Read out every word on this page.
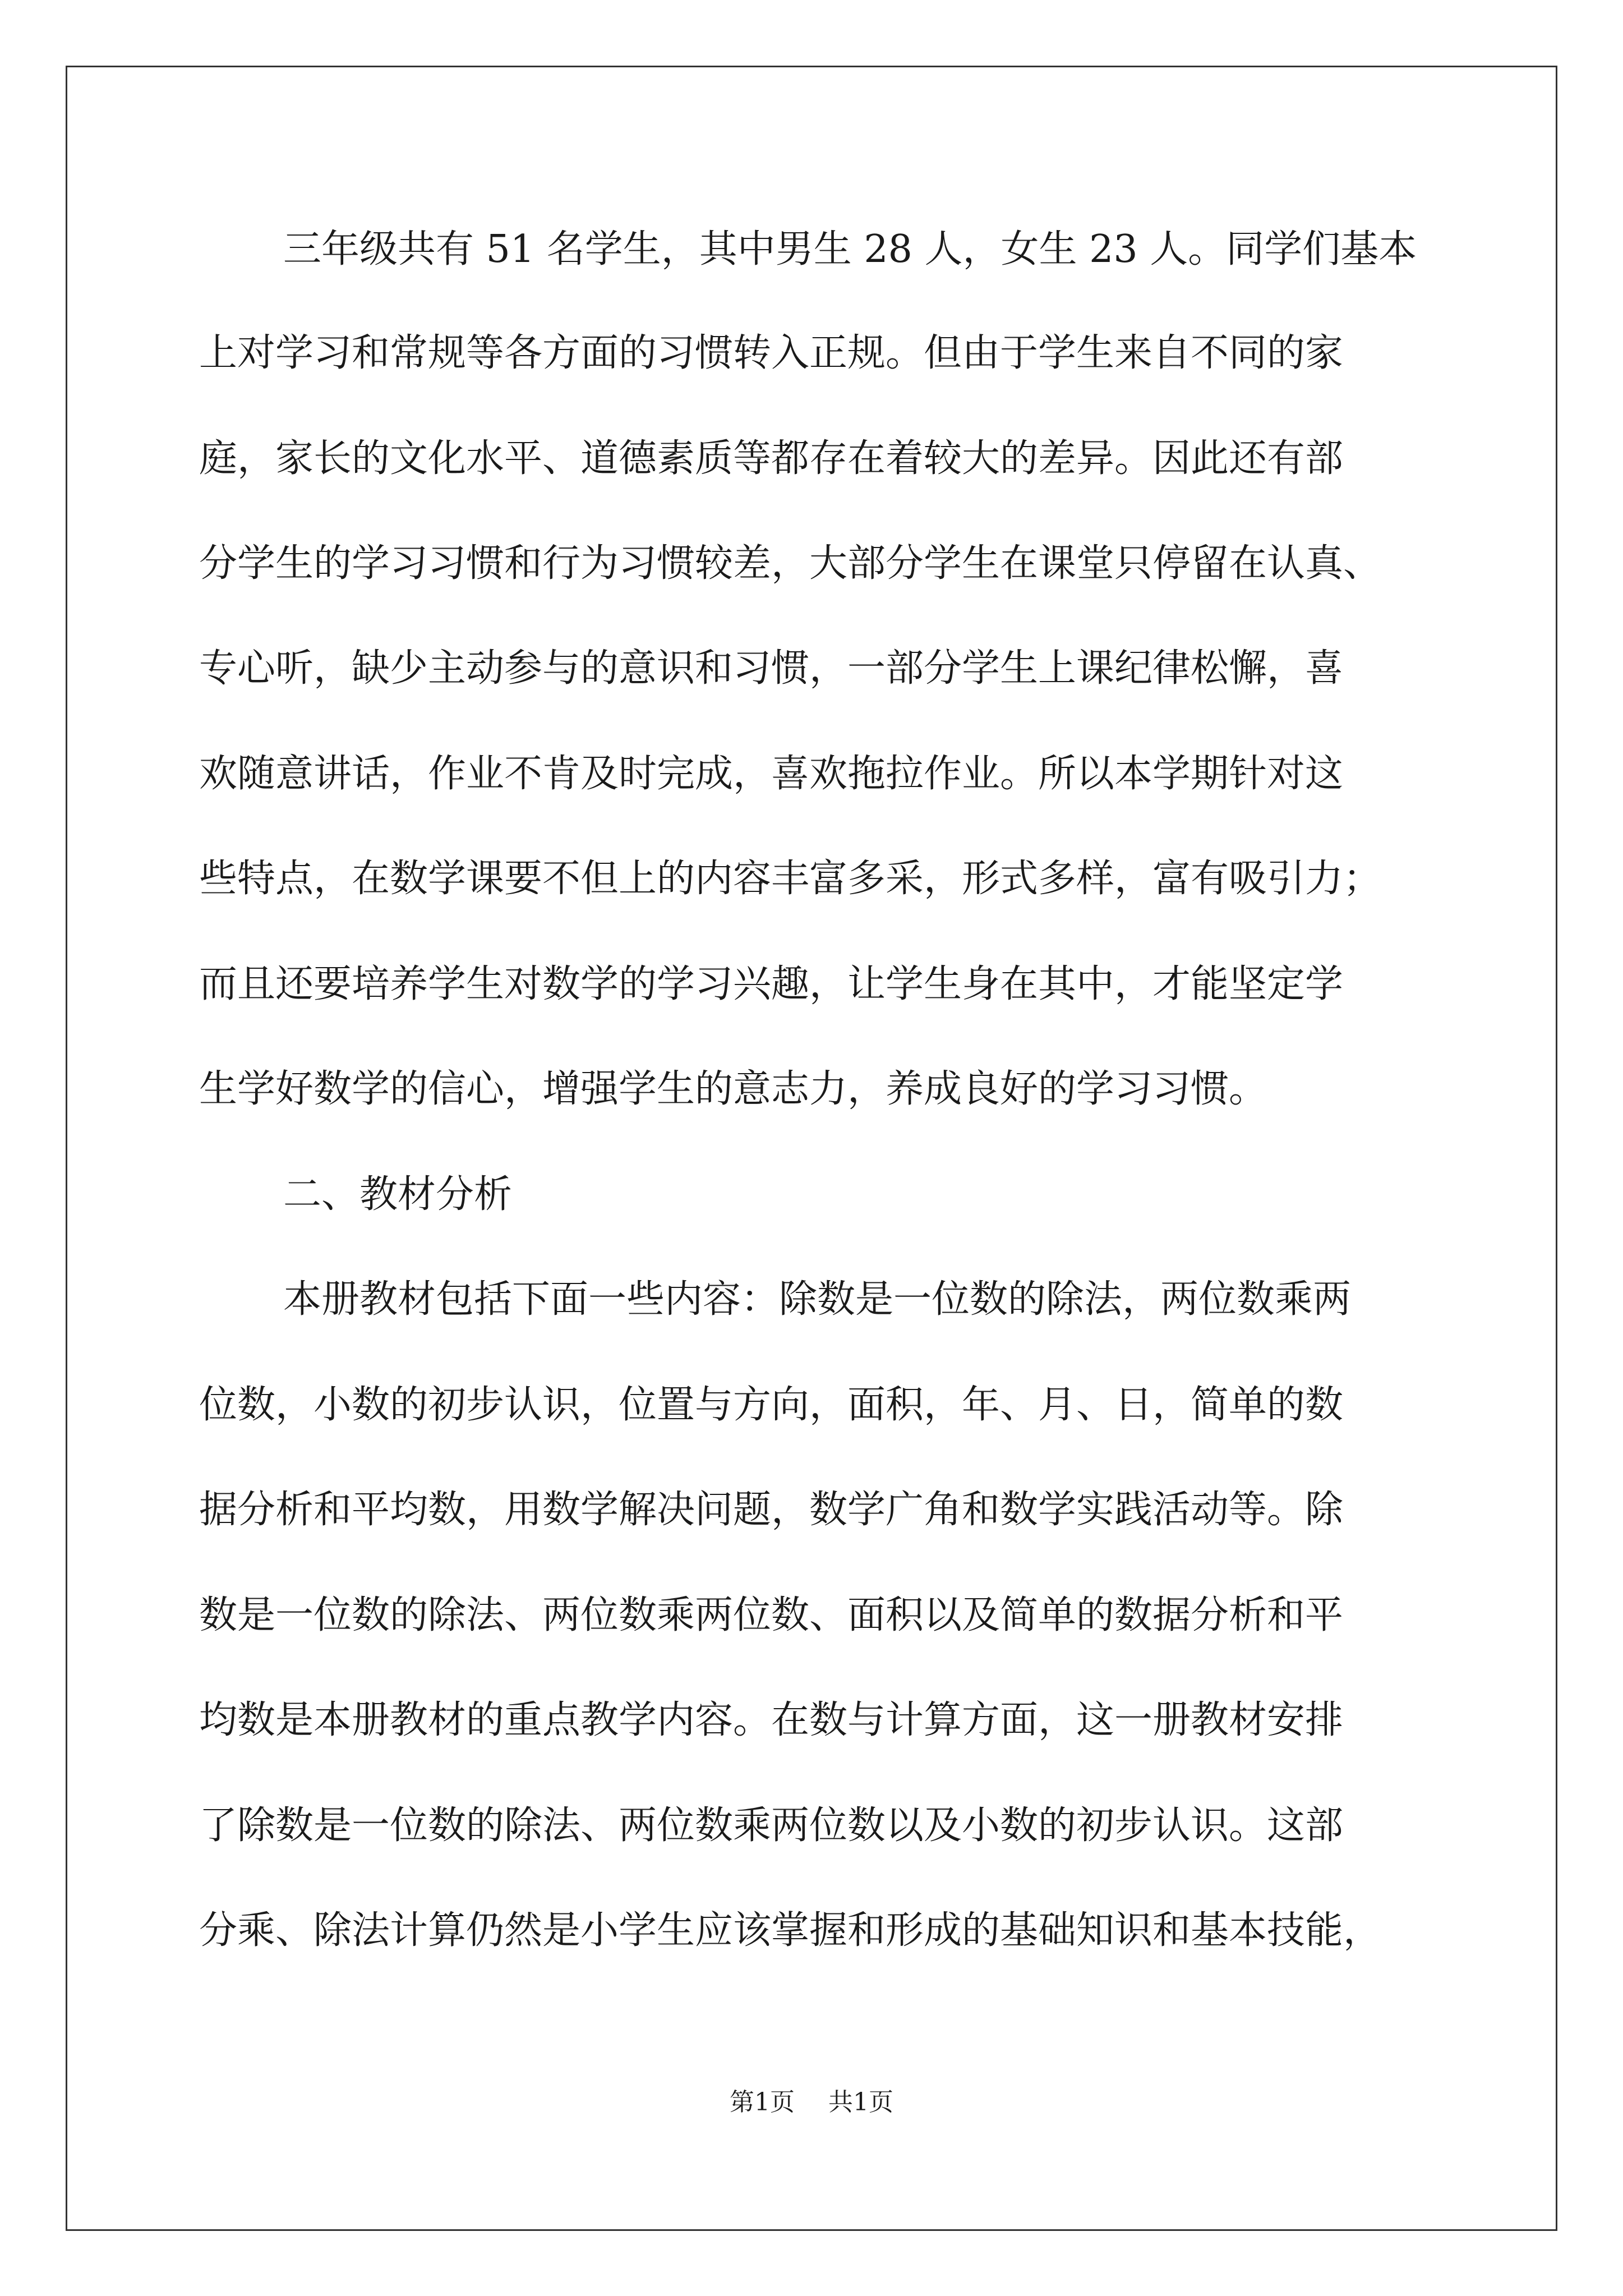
三年级共有 51 名学生，其中男生 28 人，女生 23 人。同学们基本

上对学习和常规等各方面的习惯转入正规。但由于学生来自不同的家

庭，家长的文化水平、道德素质等都存在着较大的差异。因此还有部

分学生的学习习惯和行为习惯较差，大部分学生在课堂只停留在认真、

专心听，缺少主动参与的意识和习惯，一部分学生上课纪律松懈，喜

欢随意讲话，作业不肯及时完成，喜欢拖拉作业。所以本学期针对这

些特点，在数学课要不但上的内容丰富多采，形式多样，富有吸引力；

而且还要培养学生对数学的学习兴趣，让学生身在其中，才能坚定学

生学好数学的信心，增强学生的意志力，养成良好的学习习惯。

二、教材分析

本册教材包括下面一些内容：除数是一位数的除法，两位数乘两

位数，小数的初步认识，位置与方向，面积，年、月、日，简单的数

据分析和平均数，用数学解决问题，数学广角和数学实践活动等。除

数是一位数的除法、两位数乘两位数、面积以及简单的数据分析和平

均数是本册教材的重点教学内容。在数与计算方面，这一册教材安排

了除数是一位数的除法、两位数乘两位数以及小数的初步认识。这部

分乘、除法计算仍然是小学生应该掌握和形成的基础知识和基本技能，

第1页 共1页
